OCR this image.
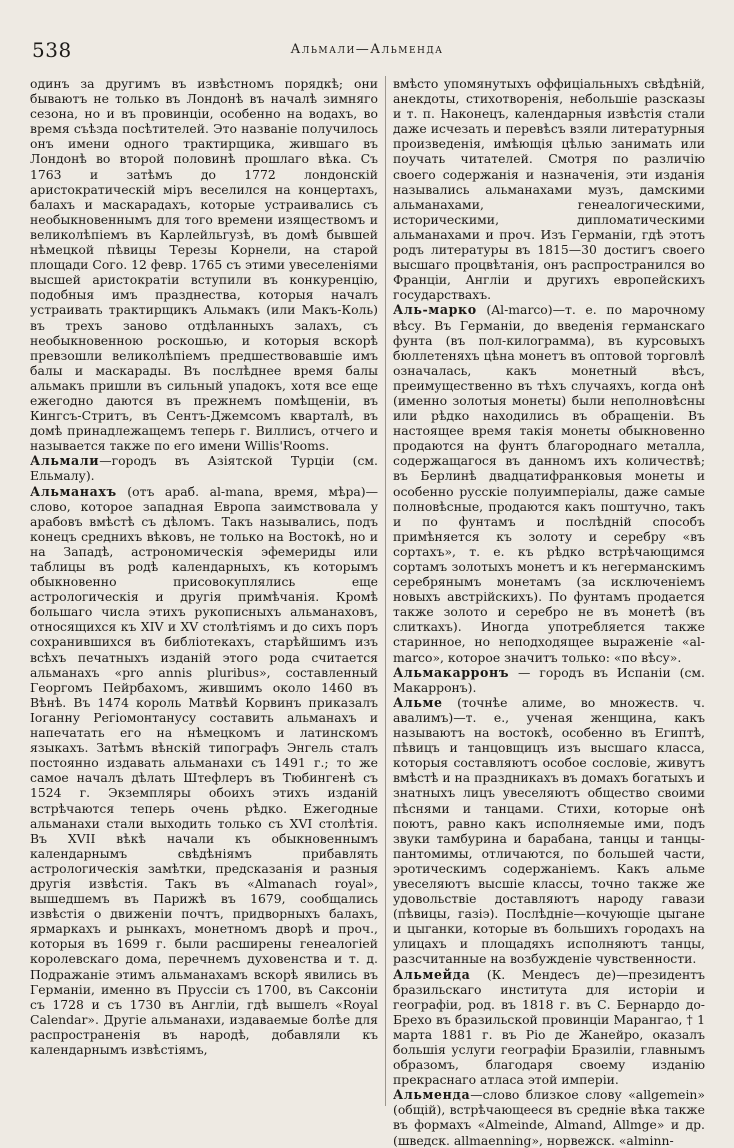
538	Альмали—Альменда

одинъ за другимъ въ извѣстномъ порядкѣ; они бываютъ не только въ Лондонѣ въ началѣ зимняго сезона, но и въ провинціи, особенно на водахъ, во время съѣзда посѣтителей. Это названіе получилось онъ имени одного трактирщика, жившаго въ Лондонѣ во второй половинѣ прошлаго вѣка. Съ 1763 и затѣмъ до 1772 лондонскій аристократическій міръ веселился на концертахъ, балахъ и маскарадахъ, которые устраивались съ необыкновеннымъ для того времени изяществомъ и великолѣпіемъ въ Карлейльгузѣ, въ домѣ бывшей нѣмецкой пѣвицы Терезы Корнели, на старой площади Сого. 12 февр. 1765 съ этими увеселеніями высшей аристократіи вступили въ конкуренцію, подобныя имъ празднества, которыя началъ устраивать трактирщикъ Альмакъ (или Макъ-Коль) въ трехъ заново отдѣланныхъ залахъ, съ необыкновенною роскошью, и которыя вскорѣ превзошли великолѣпіемъ предшествовавшіе имъ балы и маскарады. Въ послѣднее время балы альмакъ пришли въ сильный упадокъ, хотя все еще ежегодно даются въ прежнемъ помѣщеніи, въ Кингсъ-Стритъ, въ Сентъ-Джемсомъ кварталѣ, въ домѣ принадлежащемъ теперь г. Виллисъ, отчего и называется также по его имени Willis'Rooms.

Альмали—городъ въ Азіятской Турціи (см. Ельмалу).

Альманахъ (отъ араб. al-mana, время, мѣра)—слово, которое западная Европа заимствовала у арабовъ вмѣстѣ съ дѣломъ. Такъ назывались, подъ конецъ среднихъ вѣковъ, не только на Востокѣ, но и на Западѣ, астрономическія эфемериды или таблицы въ родѣ календарныхъ, къ которымъ обыкновенно присовокуплялись еще астрологическія и другія примѣчанія. Кромѣ большаго числа этихъ рукописныхъ альманаховъ, относящихся къ XIV и XV столѣтіямъ и до сихъ поръ сохранившихся въ библіотекахъ, старѣйшимъ изъ всѣхъ печатныхъ изданій этого рода считается альманахъ «pro annis pluribus», составленный Георгомъ Пейрбахомъ, жившимъ около 1460 въ Вѣнѣ. Въ 1474 король Матвѣй Корвинъ приказалъ Іоганну Регіомонтанусу составить альманахъ и напечатать его на нѣмецкомъ и латинскомъ языкахъ. Затѣмъ вѣнскій типографъ Энгель сталъ постоянно издавать альманахи съ 1491 г.; то же самое началъ дѣлать Штефлеръ въ Тюбингенѣ съ 1524 г. Экземпляры обоихъ этихъ изданій встрѣчаются теперь очень рѣдко. Ежегодные альманахи стали выходить только съ XVI столѣтія. Въ XVII вѣкѣ начали къ обыкновеннымъ календарнымъ свѣдѣніямъ прибавлять астрологическія замѣтки, предсказанія и разныя другія извѣстія. Такъ въ «Almanach royal», вышедшемъ въ Парижѣ въ 1679, сообщались извѣстія о движеніи почтъ, придворныхъ балахъ, ярмаркахъ и рынкахъ, монетномъ дворѣ и проч., которыя въ 1699 г. были расширены генеалогіей королевскаго дома, перечнемъ духовенства и т. д. Подражаніе этимъ альманахамъ вскорѣ явились въ Германіи, именно въ Пруссіи съ 1700, въ Саксоніи съ 1728 и съ 1730 въ Англіи, гдѣ вышелъ «Royal Calendar». Другіе альманахи, издаваемые болѣе для распространенія въ народѣ, добавляли къ календарнымъ извѣстіямъ,

вмѣсто упомянутыхъ оффиціальныхъ свѣдѣній, анекдоты, стихотворенія, небольшіе разсказы и т. п. Наконецъ, календарныя извѣстія стали даже исчезать и перевѣсъ взяли литературныя произведенія, имѣющія цѣлью занимать или поучать читателей. Смотря по различію своего содержанія и назначенія, эти изданія назывались альманахами музъ, дамскими альманахами, генеалогическими, историческими, дипломатическими альманахами и проч. Изъ Германіи, гдѣ этотъ родъ литературы въ 1815—30 достигъ своего высшаго процвѣтанія, онъ распространился во Франціи, Англіи и другихъ европейскихъ государствахъ.

Аль-марко (Al-marco)—т. е. по марочному вѣсу. Въ Германіи, до введенія германскаго фунта (въ пол-килограмма), въ курсовыхъ бюллетеняхъ цѣна монетъ въ оптовой торговлѣ означалась, какъ монетный вѣсъ, преимущественно въ тѣхъ случаяхъ, когда онѣ (именно золотыя монеты) были неполновѣсны или рѣдко находились въ обращеніи. Въ настоящее время такія монеты обыкновенно продаются на фунтъ благороднаго металла, содержащагося въ данномъ ихъ количествѣ; въ Берлинѣ двадцатифранковыя монеты и особенно русскіе полуимперіалы, даже самые полновѣсные, продаются какъ поштучно, такъ и по фунтамъ и послѣдній способъ примѣняется къ золоту и серебру «въ сортахъ», т. е. къ рѣдко встрѣчающимся сортамъ золотыхъ монетъ и къ негерманскимъ серебрянымъ монетамъ (за исключеніемъ новыхъ австрійскихъ). По фунтамъ продается также золото и серебро не въ монетѣ (въ слиткахъ). Иногда употребляется также старинное, но неподходящее выраженіе «al-marco», которое значитъ только: «по вѣсу».

Альмакарронъ — городъ въ Испаніи (см. Макарронъ).

Альме (точнѣе алиме, во множеств. ч. авалимъ)—т. е., ученая женщина, какъ называютъ на востокѣ, особенно въ Египтѣ, пѣвицъ и танцовщицъ изъ высшаго класса, которыя составляютъ особое сословіе, живутъ вмѣстѣ и на праздникахъ въ домахъ богатыхъ и знатныхъ лицъ увеселяютъ общество своими пѣснями и танцами. Стихи, которые онѣ поютъ, равно какъ исполняемые ими, подъ звуки тамбурина и барабана, танцы и танцы-пантомимы, отличаются, по большей части, эротическимъ содержаніемъ. Какъ альме увеселяютъ высшіе классы, точно также же удовольствіе доставляютъ народу гавази (пѣвицы, газіэ). Послѣдніе—кочующіе цыгане и цыганки, которые въ большихъ городахъ на улицахъ и площадяхъ исполняютъ танцы, разсчитанные на возбужденіе чувственности.

Альмейда (К. Мендесъ де)—президентъ бразильскаго института для исторіи и географіи, род. въ 1818 г. въ С. Бернардо до-Брехо въ бразильской провинціи Марангао, † 1 марта 1881 г. въ Ріо де Жанейро, оказалъ большія услуги географіи Бразиліи, главнымъ образомъ, благодаря своему изданію прекраснаго атласа этой имперіи.

Альменда—слово близкое слову «allgemein» (общій), встрѣчающееся въ средніе вѣка также въ формахъ «Almeinde, Almand, Allmge» и др. (шведск. allmaenning», норвежск. «alminn-
